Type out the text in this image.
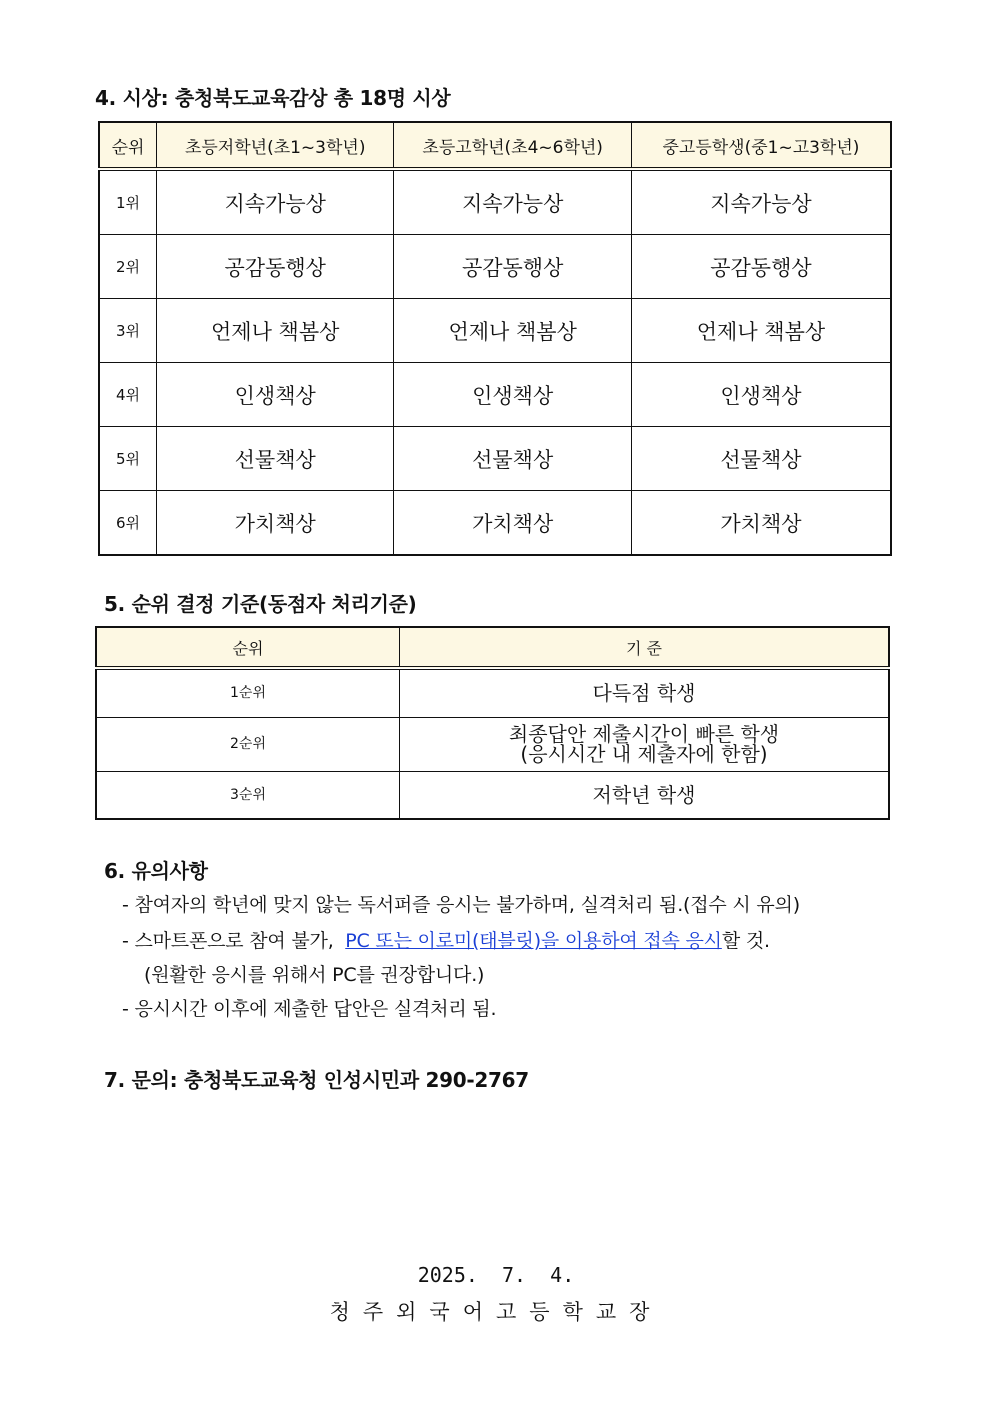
4. 시상: 충청북도교육감상 총 18명 시상
순위	초등저학년(초1~3학년)	초등고학년(초4~6학년)	중고등학생(중1~고3학년)
1위	지속가능상	지속가능상	지속가능상
2위	공감동행상	공감동행상	공감동행상
3위	언제나 책봄상	언제나 책봄상	언제나 책봄상
4위	인생책상	인생책상	인생책상
5위	선물책상	선물책상	선물책상
6위	가치책상	가치책상	가치책상
5. 순위 결정 기준(동점자 처리기준)
순위	기 준
1순위	다득점 학생

2순위	최종답안 제출시간이 빠른 학생
(응시시간 내 제출자에 한함)

3순위	저학년 학생
6. 유의사항
- 참여자의 학년에 맞지 않는 독서퍼즐 응시는 불가하며, 실격처리 됨.(접수 시 유의)
- 스마트폰으로 참여 불가, PC 또는 이로미(태블릿)을 이용하여 접속 응시할 것.
(원활한 응시를 위해서 PC를 권장합니다.)
- 응시시간 이후에 제출한 답안은 실격처리 됨.
7. 문의: 충청북도교육청 인성시민과 290-2767
2025.  7.  4.
청주외국어고등학교장
